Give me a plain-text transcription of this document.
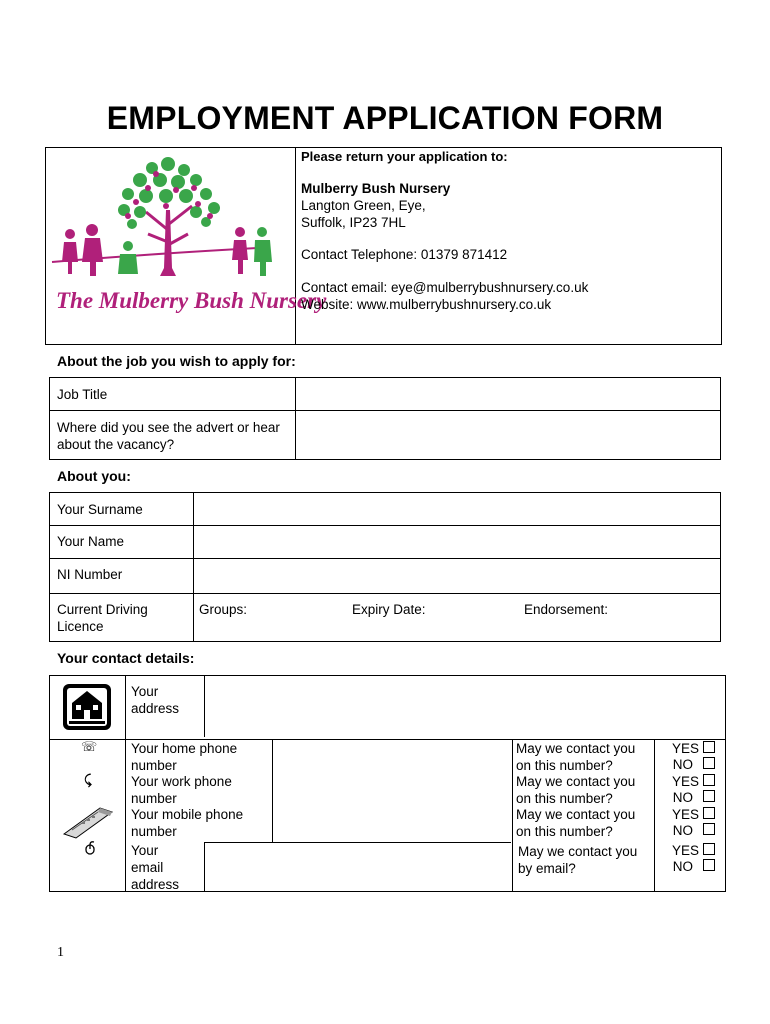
EMPLOYMENT APPLICATION FORM
The Mulberry Bush Nursery
Please return your application to:
Mulberry Bush Nursery
Langton Green, Eye,
Suffolk, IP23 7HL
Contact Telephone: 01379 871412
Contact email: eye@mulberrybushnursery.co.uk
Website: www.mulberrybushnursery.co.uk
About the job you wish to apply for:
Job Title
Where did you see the advert or hear
about the vacancy?
About you:
Your Surname
Your Name
NI Number
Current Driving
Licence
Groups:	Expiry Date:	Endorsement:
Your contact details:
Your
address
☏
⤹
Your home phone
number
Your work phone
number
Your mobile phone
number
Your
email
address
May we contact you
on this number?
May we contact you
on this number?
May we contact you
on this number?
May we contact you
by email?
YES
NO
YES
NO
YES
NO
YES
NO
1
